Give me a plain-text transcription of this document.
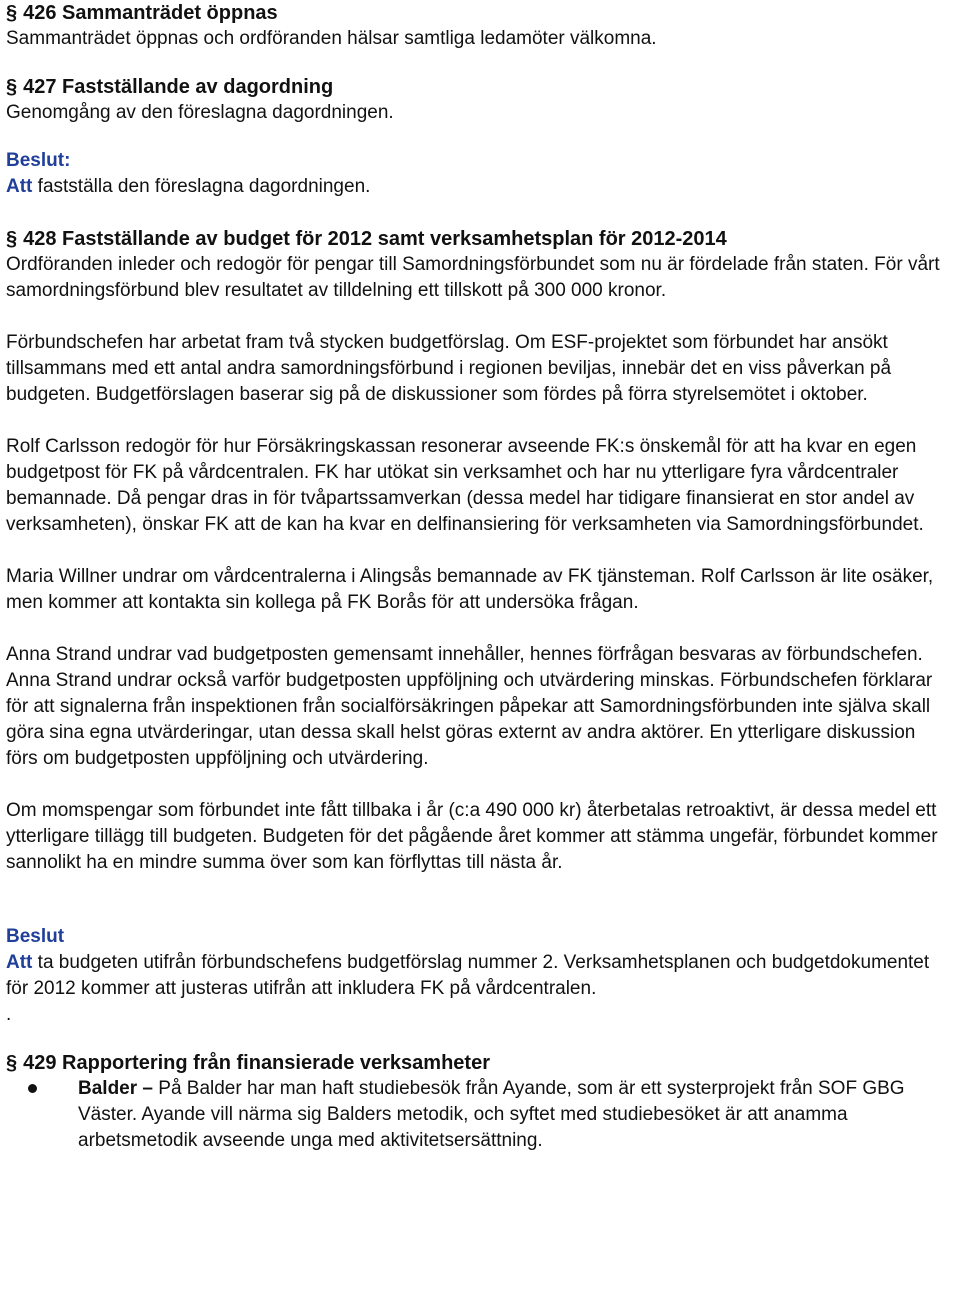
§ 426 Sammanträdet öppnas

Sammanträdet öppnas och ordföranden hälsar samtliga ledamöter välkomna.

§ 427 Fastställande av dagordning

Genomgång av den föreslagna dagordningen.

Beslut:

Att fastställa den föreslagna dagordningen.

§ 428 Fastställande av budget för 2012 samt verksamhetsplan för 2012-2014

Ordföranden inleder och redogör för pengar till Samordningsförbundet som nu är fördelade från staten. För vårt samordningsförbund blev resultatet av tilldelning ett tillskott på 300 000 kronor.

Förbundschefen har arbetat fram två stycken budgetförslag. Om ESF-projektet som förbundet har ansökt tillsammans med ett antal andra samordningsförbund i regionen beviljas, innebär det en viss påverkan på budgeten. Budgetförslagen baserar sig på de diskussioner som fördes på förra styrelsemötet i oktober.

Rolf Carlsson redogör för hur Försäkringskassan resonerar avseende FK:s önskemål för att ha kvar en egen budgetpost för FK på vårdcentralen. FK har utökat sin verksamhet och har nu ytterligare fyra vårdcentraler bemannade. Då pengar dras in för tvåpartssamverkan (dessa medel har tidigare finansierat en stor andel av verksamheten), önskar FK att de kan ha kvar en delfinansiering för verksamheten via Samordningsförbundet.

Maria Willner undrar om vårdcentralerna i Alingsås bemannade av FK tjänsteman. Rolf Carlsson är lite osäker, men kommer att kontakta sin kollega på FK Borås för att undersöka frågan.

Anna Strand undrar vad budgetposten gemensamt innehåller, hennes förfrågan besvaras av förbundschefen. Anna Strand undrar också varför budgetposten uppföljning och utvärdering minskas. Förbundschefen förklarar för att signalerna från inspektionen från socialförsäkringen påpekar att Samordningsförbunden inte själva skall göra sina egna utvärderingar, utan dessa skall helst göras externt av andra aktörer. En ytterligare diskussion förs om budgetposten uppföljning och utvärdering.

Om momspengar som förbundet inte fått tillbaka i år (c:a 490 000 kr) återbetalas retroaktivt, är dessa medel ett ytterligare tillägg till budgeten. Budgeten för det pågående året kommer att stämma ungefär, förbundet kommer sannolikt ha en mindre summa över som kan förflyttas till nästa år.

Beslut

Att ta budgeten utifrån förbundschefens budgetförslag nummer 2. Verksamhetsplanen och budgetdokumentet för 2012 kommer att justeras utifrån att inkludera FK på vårdcentralen.

.

§ 429 Rapportering från finansierade verksamheter
Balder – På Balder har man haft studiebesök från Ayande, som är ett systerprojekt från SOF GBG Väster. Ayande vill närma sig Balders metodik, och syftet med studiebesöket är att anamma arbetsmetodik avseende unga med aktivitetsersättning.
